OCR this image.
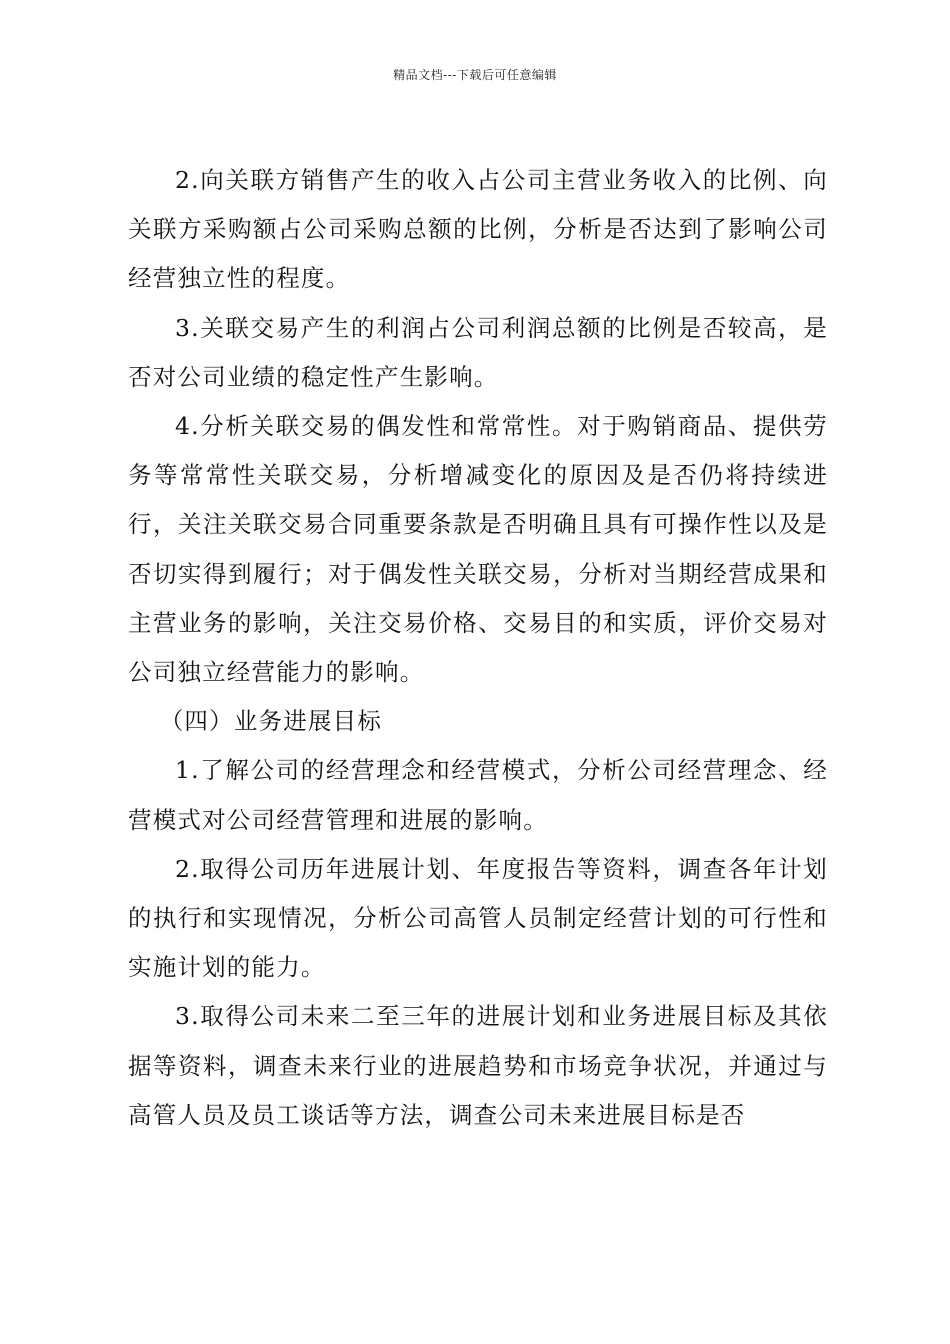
精品文档---下载后可任意编辑

2.向关联方销售产生的收入占公司主营业务收入的比例、向关联方采购额占公司采购总额的比例，分析是否达到了影响公司经营独立性的程度。

3.关联交易产生的利润占公司利润总额的比例是否较高，是否对公司业绩的稳定性产生影响。

4.分析关联交易的偶发性和常常性。对于购销商品、提供劳务等常常性关联交易，分析增减变化的原因及是否仍将持续进行，关注关联交易合同重要条款是否明确且具有可操作性以及是否切实得到履行；对于偶发性关联交易，分析对当期经营成果和主营业务的影响，关注交易价格、交易目的和实质，评价交易对公司独立经营能力的影响。

（四）业务进展目标

1.了解公司的经营理念和经营模式，分析公司经营理念、经营模式对公司经营管理和进展的影响。

2.取得公司历年进展计划、年度报告等资料，调查各年计划的执行和实现情况，分析公司高管人员制定经营计划的可行性和实施计划的能力。

3.取得公司未来二至三年的进展计划和业务进展目标及其依据等资料，调查未来行业的进展趋势和市场竞争状况，并通过与高管人员及员工谈话等方法，调查公司未来进展目标是否
